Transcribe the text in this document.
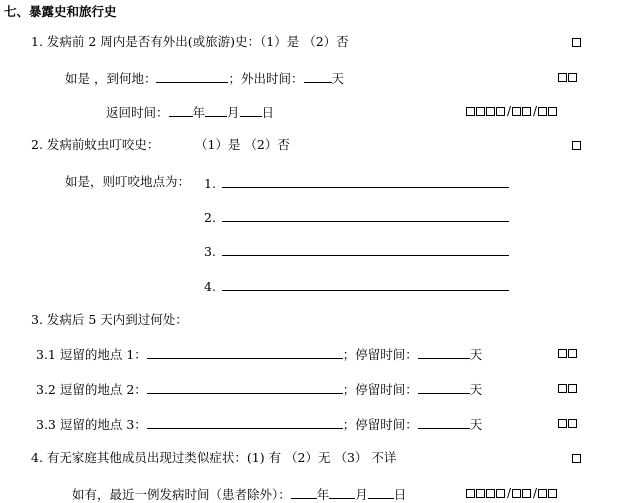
七、暴露史和旅行史
1. 发病前 2 周内是否有外出(或旅游)史：（1）是 （2）否
如是 ，到何地：	；外出时间： 天
返回时间： 年 月 日	/ /
2. 发病前蚊虫叮咬史：	（1）是 （2）否
如是，则叮咬地点为： 1.
2.
3.
4.
3. 发病后 5 天内到过何处：
3.1 逗留的地点 1：	；停留时间：	天
3.2 逗留的地点 2：	；停留时间：	天
3.3 逗留的地点 3：	；停留时间：	天
4. 有无家庭其他成员出现过类似症状：(1) 有 （2）无 （3） 不详
如有，最近一例发病时间（患者除外）： 年 月 日	/ /
